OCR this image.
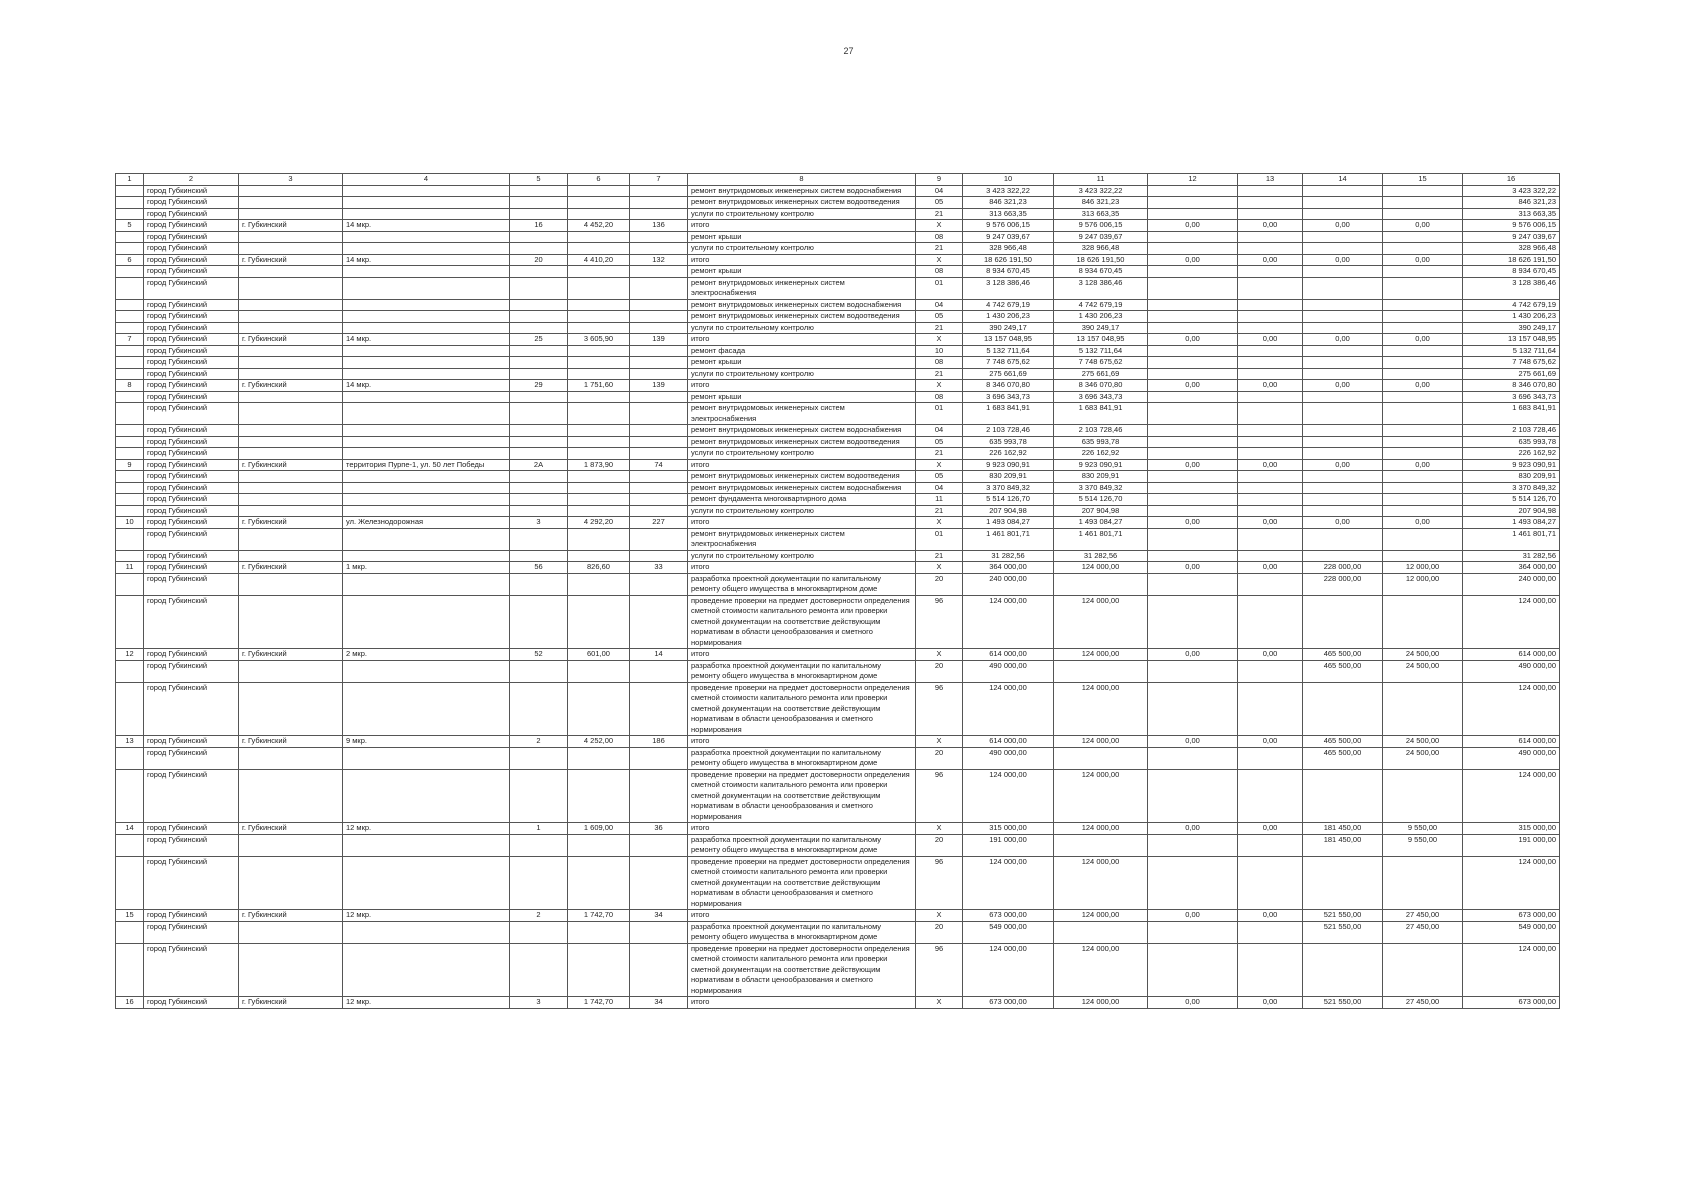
27
1	2	3	4	5	6	7	8	9	10	11	12	13	14	15	16
	город Губкинский						ремонт внутридомовых инженерных систем водоснабжения	04	3 423 322,22	3 423 322,22					3 423 322,22
	город Губкинский						ремонт внутридомовых инженерных систем водоотведения	05	846 321,23	846 321,23					846 321,23
	город Губкинский						услуги по строительному контролю	21	313 663,35	313 663,35					313 663,35
5	город Губкинский	г. Губкинский	14 мкр.	16	4 452,20	136	итого	X	9 576 006,15	9 576 006,15	0,00	0,00	0,00	0,00	9 576 006,15
	город Губкинский						ремонт крыши	08	9 247 039,67	9 247 039,67					9 247 039,67
	город Губкинский						услуги по строительному контролю	21	328 966,48	328 966,48					328 966,48
6	город Губкинский	г. Губкинский	14 мкр.	20	4 410,20	132	итого	X	18 626 191,50	18 626 191,50	0,00	0,00	0,00	0,00	18 626 191,50
	город Губкинский						ремонт крыши	08	8 934 670,45	8 934 670,45					8 934 670,45
	город Губкинский						ремонт внутридомовых инженерных систем электроснабжения	01	3 128 386,46	3 128 386,46					3 128 386,46
	город Губкинский						ремонт внутридомовых инженерных систем водоснабжения	04	4 742 679,19	4 742 679,19					4 742 679,19
	город Губкинский						ремонт внутридомовых инженерных систем водоотведения	05	1 430 206,23	1 430 206,23					1 430 206,23
	город Губкинский						услуги по строительному контролю	21	390 249,17	390 249,17					390 249,17
7	город Губкинский	г. Губкинский	14 мкр.	25	3 605,90	139	итого	X	13 157 048,95	13 157 048,95	0,00	0,00	0,00	0,00	13 157 048,95
	город Губкинский						ремонт фасада	10	5 132 711,64	5 132 711,64					5 132 711,64
	город Губкинский						ремонт крыши	08	7 748 675,62	7 748 675,62					7 748 675,62
	город Губкинский						услуги по строительному контролю	21	275 661,69	275 661,69					275 661,69
8	город Губкинский	г. Губкинский	14 мкр.	29	1 751,60	139	итого	X	8 346 070,80	8 346 070,80	0,00	0,00	0,00	0,00	8 346 070,80
	город Губкинский						ремонт крыши	08	3 696 343,73	3 696 343,73					3 696 343,73
	город Губкинский						ремонт внутридомовых инженерных систем электроснабжения	01	1 683 841,91	1 683 841,91					1 683 841,91
	город Губкинский						ремонт внутридомовых инженерных систем водоснабжения	04	2 103 728,46	2 103 728,46					2 103 728,46
	город Губкинский						ремонт внутридомовых инженерных систем водоотведения	05	635 993,78	635 993,78					635 993,78
	город Губкинский						услуги по строительному контролю	21	226 162,92	226 162,92					226 162,92
9	город Губкинский	г. Губкинский	территория Пурпе-1, ул. 50 лет Победы	2А	1 873,90	74	итого	X	9 923 090,91	9 923 090,91	0,00	0,00	0,00	0,00	9 923 090,91
	город Губкинский						ремонт внутридомовых инженерных систем водоотведения	05	830 209,91	830 209,91					830 209,91
	город Губкинский						ремонт внутридомовых инженерных систем водоснабжения	04	3 370 849,32	3 370 849,32					3 370 849,32
	город Губкинский						ремонт фундамента многоквартирного дома	11	5 514 126,70	5 514 126,70					5 514 126,70
	город Губкинский						услуги по строительному контролю	21	207 904,98	207 904,98					207 904,98
10	город Губкинский	г. Губкинский	ул. Железнодорожная	3	4 292,20	227	итого	X	1 493 084,27	1 493 084,27	0,00	0,00	0,00	0,00	1 493 084,27
	город Губкинский						ремонт внутридомовых инженерных систем электроснабжения	01	1 461 801,71	1 461 801,71					1 461 801,71
	город Губкинский						услуги по строительному контролю	21	31 282,56	31 282,56					31 282,56
11	город Губкинский	г. Губкинский	1 мкр.	56	826,60	33	итого	X	364 000,00	124 000,00	0,00	0,00	228 000,00	12 000,00	364 000,00
	город Губкинский						разработка проектной документации по капитальному ремонту общего имущества в многоквартирном доме	20	240 000,00				228 000,00	12 000,00	240 000,00
	город Губкинский						проведение проверки на предмет достоверности определения сметной стоимости капитального ремонта или проверки сметной документации на соответствие действующим нормативам в области ценообразования и сметного нормирования	96	124 000,00	124 000,00					124 000,00
12	город Губкинский	г. Губкинский	2 мкр.	52	601,00	14	итого	X	614 000,00	124 000,00	0,00	0,00	465 500,00	24 500,00	614 000,00
	город Губкинский						разработка проектной документации по капитальному ремонту общего имущества в многоквартирном доме	20	490 000,00				465 500,00	24 500,00	490 000,00
	город Губкинский						проведение проверки на предмет достоверности определения сметной стоимости капитального ремонта или проверки сметной документации на соответствие действующим нормативам в области ценообразования и сметного нормирования	96	124 000,00	124 000,00					124 000,00
13	город Губкинский	г. Губкинский	9 мкр.	2	4 252,00	186	итого	X	614 000,00	124 000,00	0,00	0,00	465 500,00	24 500,00	614 000,00
	город Губкинский						разработка проектной документации по капитальному ремонту общего имущества в многоквартирном доме	20	490 000,00				465 500,00	24 500,00	490 000,00
	город Губкинский						проведение проверки на предмет достоверности определения сметной стоимости капитального ремонта или проверки сметной документации на соответствие действующим нормативам в области ценообразования и сметного нормирования	96	124 000,00	124 000,00					124 000,00
14	город Губкинский	г. Губкинский	12 мкр.	1	1 609,00	36	итого	X	315 000,00	124 000,00	0,00	0,00	181 450,00	9 550,00	315 000,00
	город Губкинский						разработка проектной документации по капитальному ремонту общего имущества в многоквартирном доме	20	191 000,00				181 450,00	9 550,00	191 000,00
	город Губкинский						проведение проверки на предмет достоверности определения сметной стоимости капитального ремонта или проверки сметной документации на соответствие действующим нормативам в области ценообразования и сметного нормирования	96	124 000,00	124 000,00					124 000,00
15	город Губкинский	г. Губкинский	12 мкр.	2	1 742,70	34	итого	X	673 000,00	124 000,00	0,00	0,00	521 550,00	27 450,00	673 000,00
	город Губкинский						разработка проектной документации по капитальному ремонту общего имущества в многоквартирном доме	20	549 000,00				521 550,00	27 450,00	549 000,00
	город Губкинский						проведение проверки на предмет достоверности определения сметной стоимости капитального ремонта или проверки сметной документации на соответствие действующим нормативам в области ценообразования и сметного нормирования	96	124 000,00	124 000,00					124 000,00
16	город Губкинский	г. Губкинский	12 мкр.	3	1 742,70	34	итого	X	673 000,00	124 000,00	0,00	0,00	521 550,00	27 450,00	673 000,00
